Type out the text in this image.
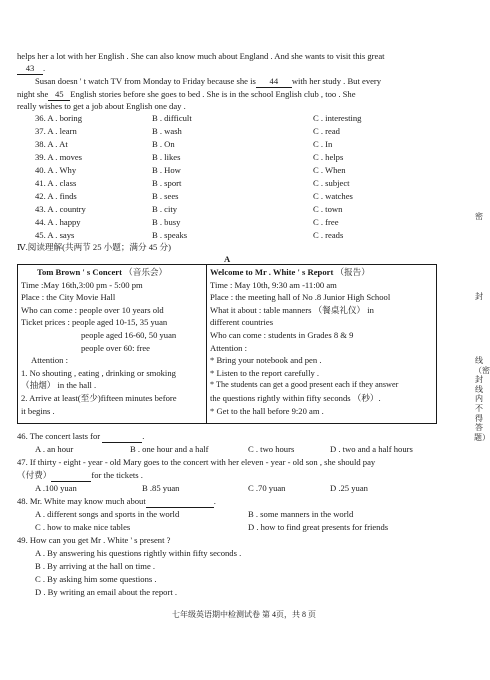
helps her a lot with her English . She can also know much about England . And she wants to visit this great
43 .
Susan doesn ' t watch TV from Monday to Friday because she is 44 with her study . But every
night she 45 English stories before she goes to bed . She is in the school English club , too . She
really wishes to get a job about English one day .
36. A . boring	B . difficult	C . interesting
37. A . learn	B . wash	C . read
38. A . At	B . On	C . In
39. A . moves	B . likes	C . helps
40. A . Why	B . How	C . When
41. A . class	B . sport	C . subject
42. A . finds	B . sees	C . watches
43. A . country	B . city	C . town
44. A . happy	B . busy	C . free
45. A . says	B . speaks	C . reads
Ⅳ.阅读理解(共两节 25 小题；满分 45 分)
A
Tom Brown ' s Concert （音乐会）
Time :May 16th,3:00 pm - 5:00 pm
Place : the City Movie Hall
Who can come : people over 10 years old
Ticket prices : people aged 10-15, 35 yuan
people aged 16-60, 50 yuan
people over 60: free
Attention :
1. No shouting , eating , drinking or smoking
（抽烟） in the hall .
2. Arrive at least(至少)fifteen minutes before
it begins .
Welcome to Mr . White ' s Report （报告）
Time : May 10th, 9:30 am -11:00 am
Place : the meeting hall of No .8 Junior High School
What it about : table manners （餐桌礼仪） in
different countries
Who can come : students in Grades 8 & 9
Attention :
* Bring your notebook and pen .
* Listen to the report carefully .
* The students can get a good present each if they answer
the questions rightly within fifty seconds （秒）.
* Get to the hall before 9:20 am .
46. The concert lasts for	.
A . an hour	B . one hour and a half	C . two hours	D . two and a half hours
47. If thirty - eight - year - old Mary goes to the concert with her eleven - year - old son , she should pay
（付费）	for the tickets .
A .100 yuan	B .85 yuan	C .70 yuan	D .25 yuan
48. Mr. White may know much about	.
A . different songs and sports in the world	B . some manners in the world
C . how to make nice tables	D . how to find great presents for friends
49. How can you get Mr . White ' s present ?
A . By answering his questions rightly within fifty seconds .
B . By arriving at the hall on time .
C . By asking him some questions .
D . By writing an email about the report .
七年级英语期中检测试卷 第 4页，共 8 页
密
封
线（密封线内不得答题）
